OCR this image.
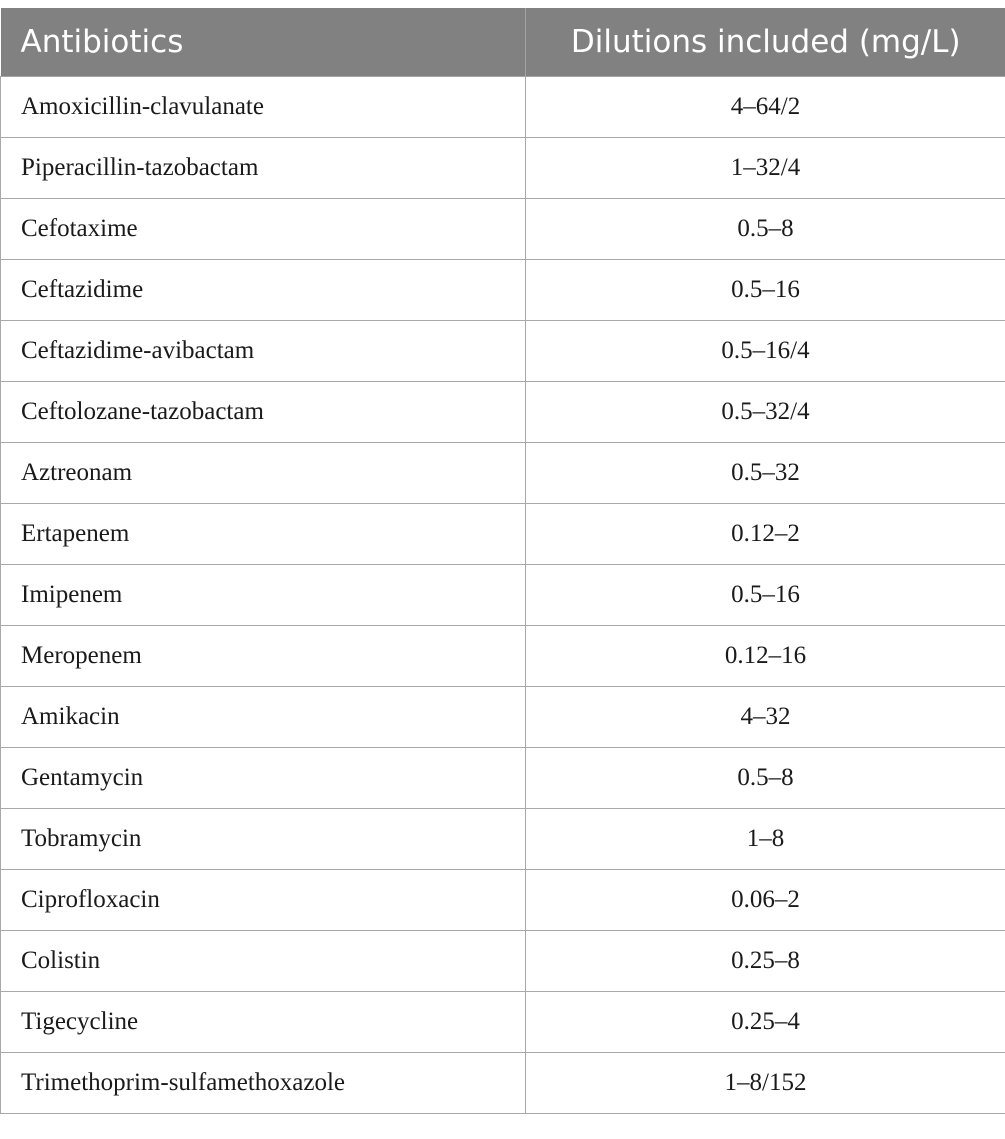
Antibiotics	Dilutions included (mg/L)
Amoxicillin-clavulanate	4–64/2
Piperacillin-tazobactam	1–32/4
Cefotaxime	0.5–8
Ceftazidime	0.5–16
Ceftazidime-avibactam	0.5–16/4
Ceftolozane-tazobactam	0.5–32/4
Aztreonam	0.5–32
Ertapenem	0.12–2
Imipenem	0.5–16
Meropenem	0.12–16
Amikacin	4–32
Gentamycin	0.5–8
Tobramycin	1–8
Ciprofloxacin	0.06–2
Colistin	0.25–8
Tigecycline	0.25–4
Trimethoprim-sulfamethoxazole	1–8/152
